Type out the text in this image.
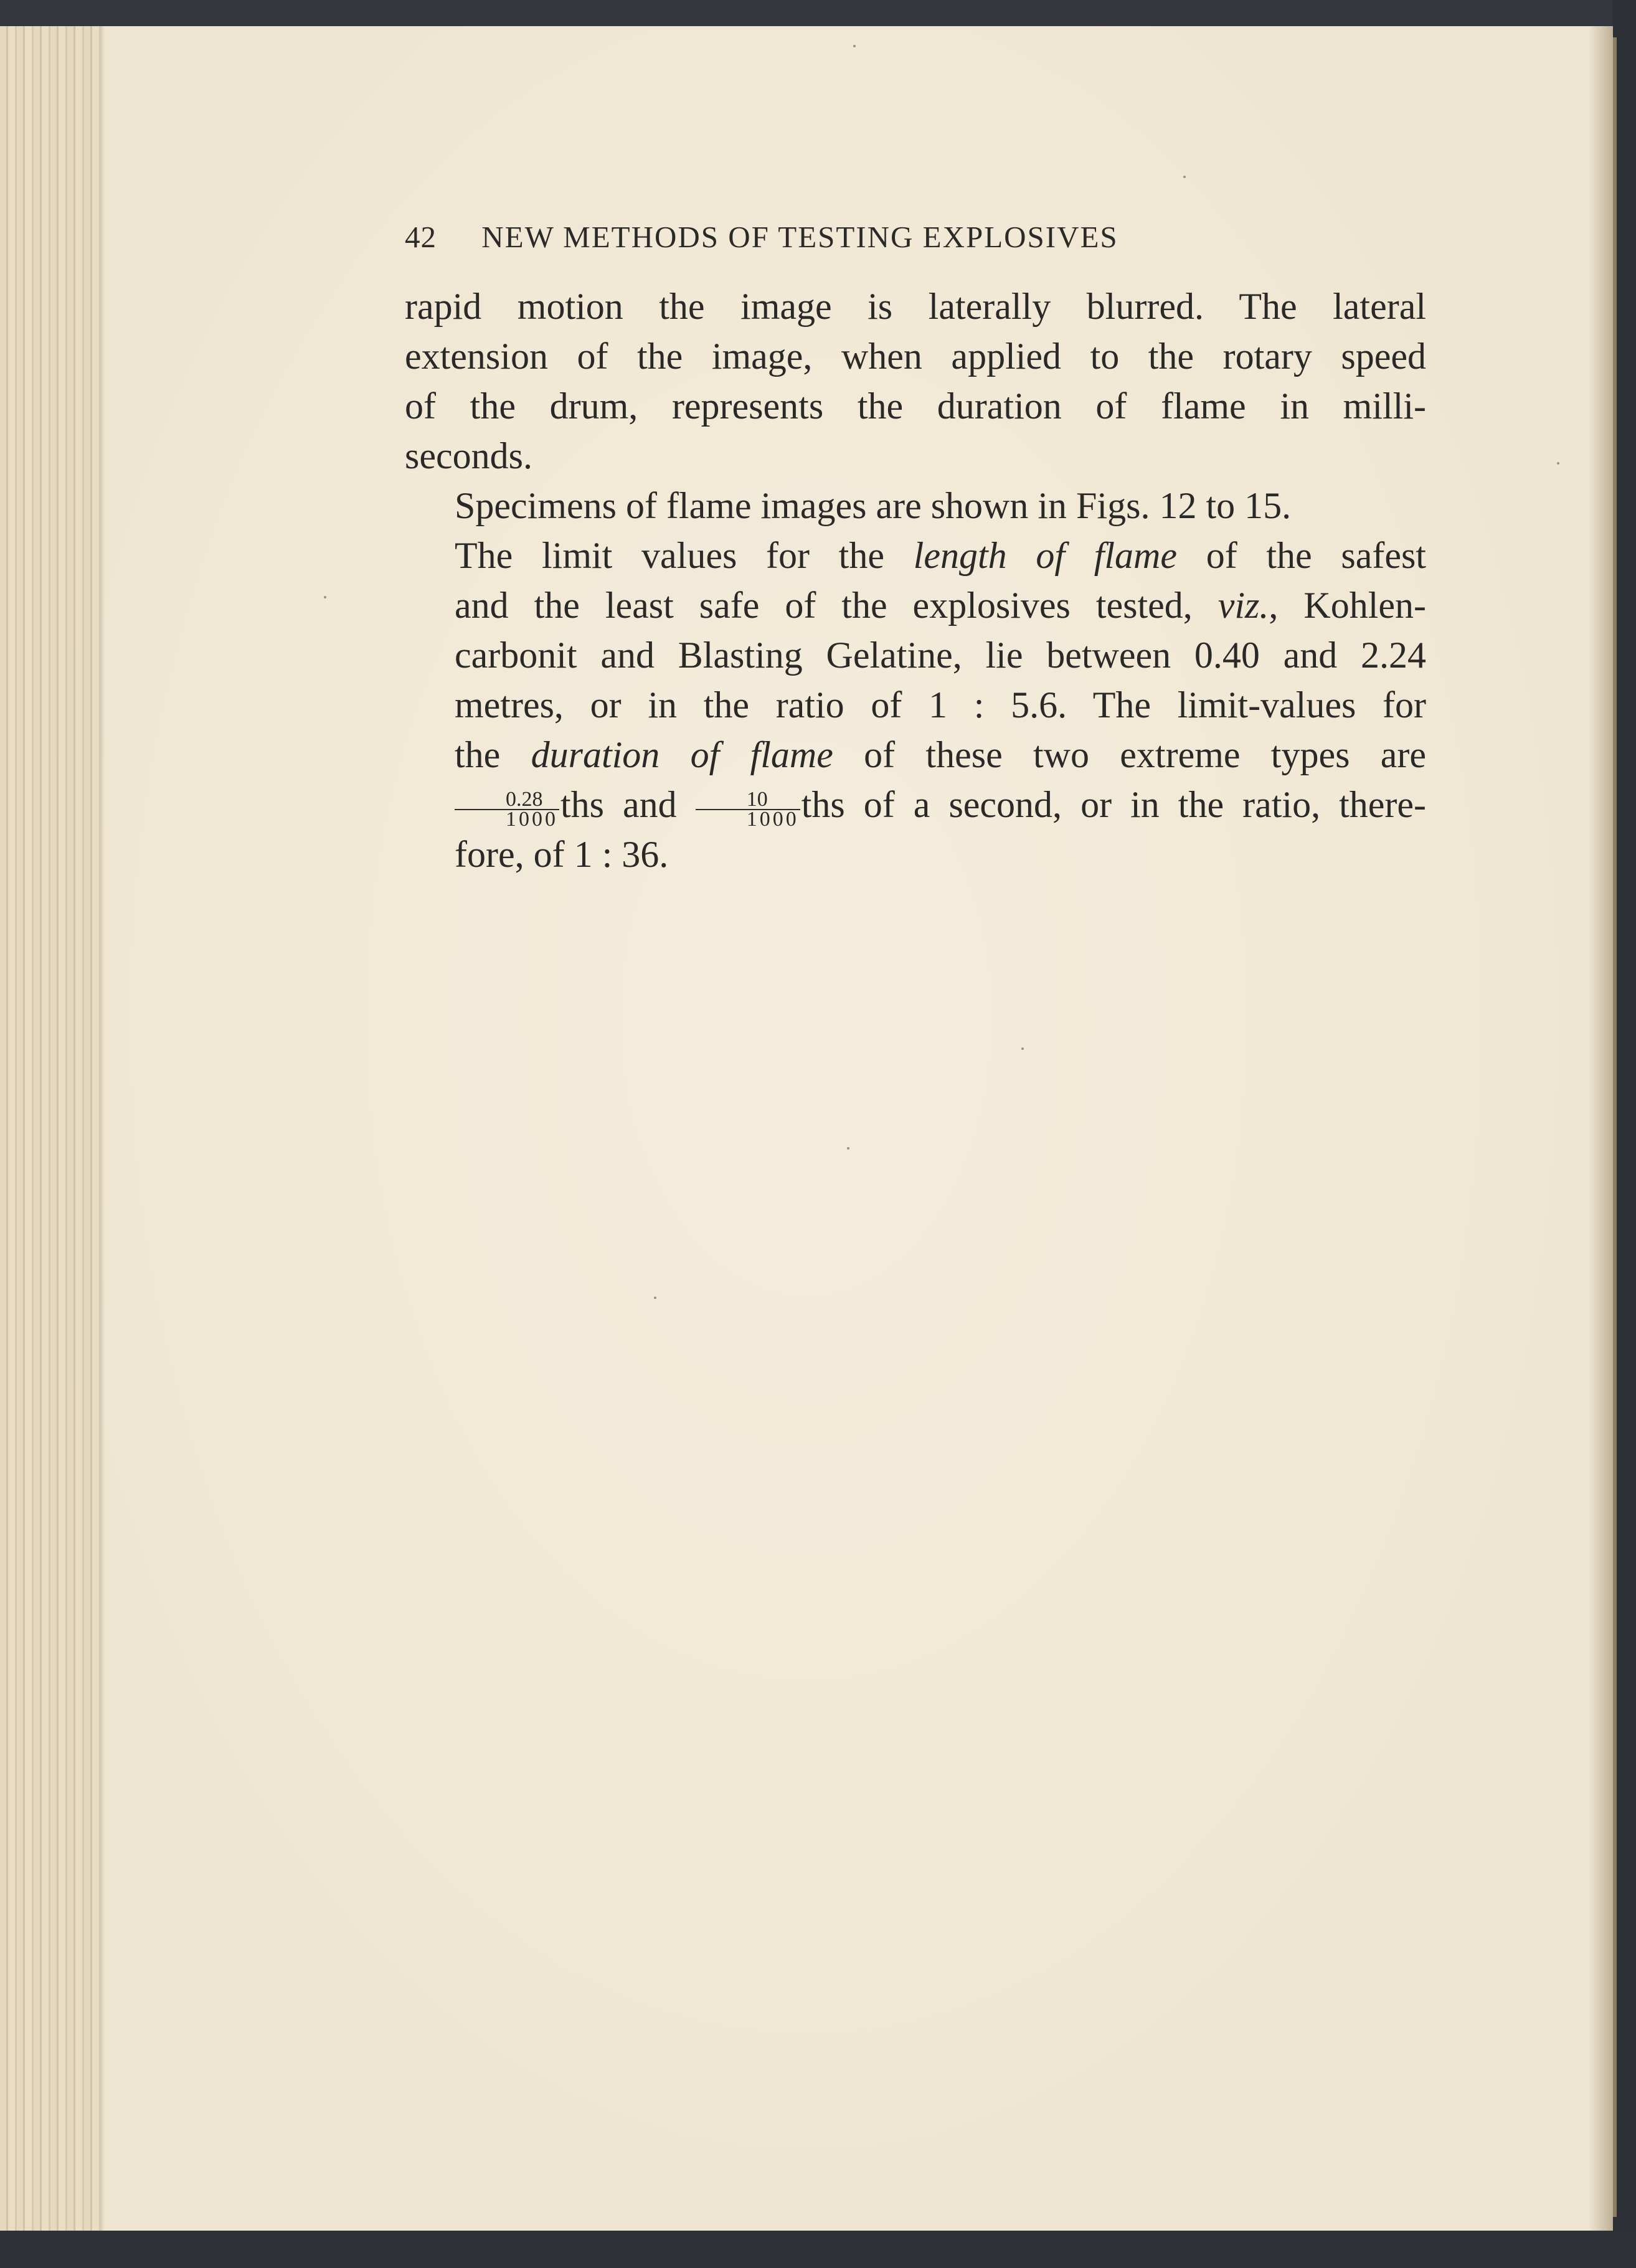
42 NEW METHODS OF TESTING EXPLOSIVES
rapid motion the image is laterally blurred. The lateral
extension of the image, when applied to the rotary speed
of the drum, represents the duration of flame in milli-
seconds.
Specimens of flame images are shown in Figs. 12 to 15.
The limit values for the length of flame of the safest
and the least safe of the explosives tested, viz., Kohlen-
carbonit and Blasting Gelatine, lie between 0.40 and 2.24
metres, or in the ratio of 1 : 5.6. The limit-values for
the duration of flame of these two extreme types are
$\frac{0.28}{1000}$ ths and $\frac{10}{1000}$ ths of a second, or in the ratio, there-
fore, of 1 : 36.
